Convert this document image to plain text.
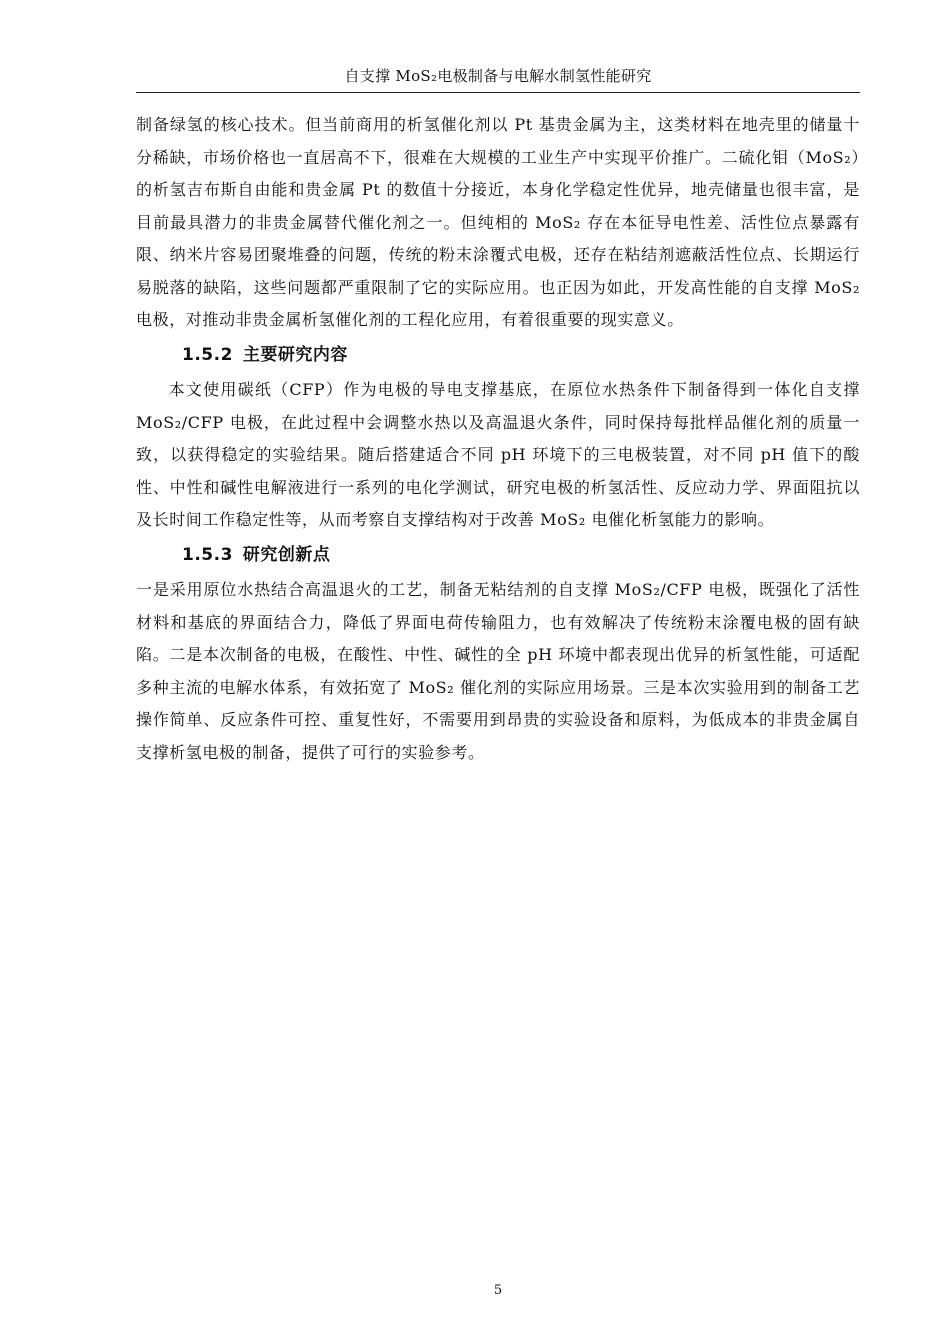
自支撑 MoS₂电极制备与电解水制氢性能研究

制备绿氢的核心技术。但当前商用的析氢催化剂以 Pt 基贵金属为主，这类材料在地壳里的储量十分稀缺，市场价格也一直居高不下，很难在大规模的工业生产中实现平价推广。二硫化钼（MoS₂）的析氢吉布斯自由能和贵金属 Pt 的数值十分接近，本身化学稳定性优异，地壳储量也很丰富，是目前最具潜力的非贵金属替代催化剂之一。但纯相的 MoS₂ 存在本征导电性差、活性位点暴露有限、纳米片容易团聚堆叠的问题，传统的粉末涂覆式电极，还存在粘结剂遮蔽活性位点、长期运行易脱落的缺陷，这些问题都严重限制了它的实际应用。也正因为如此，开发高性能的自支撑 MoS₂ 电极，对推动非贵金属析氢催化剂的工程化应用，有着很重要的现实意义。

1.5.2 主要研究内容

本文使用碳纸（CFP）作为电极的导电支撑基底，在原位水热条件下制备得到一体化自支撑 MoS₂/CFP 电极，在此过程中会调整水热以及高温退火条件，同时保持每批样品催化剂的质量一致，以获得稳定的实验结果。随后搭建适合不同 pH 环境下的三电极装置，对不同 pH 值下的酸性、中性和碱性电解液进行一系列的电化学测试，研究电极的析氢活性、反应动力学、界面阻抗以及长时间工作稳定性等，从而考察自支撑结构对于改善 MoS₂ 电催化析氢能力的影响。

1.5.3 研究创新点

一是采用原位水热结合高温退火的工艺，制备无粘结剂的自支撑 MoS₂/CFP 电极，既强化了活性材料和基底的界面结合力，降低了界面电荷传输阻力，也有效解决了传统粉末涂覆电极的固有缺陷。二是本次制备的电极，在酸性、中性、碱性的全 pH 环境中都表现出优异的析氢性能，可适配多种主流的电解水体系，有效拓宽了 MoS₂ 催化剂的实际应用场景。三是本次实验用到的制备工艺操作简单、反应条件可控、重复性好，不需要用到昂贵的实验设备和原料，为低成本的非贵金属自支撑析氢电极的制备，提供了可行的实验参考。

5
